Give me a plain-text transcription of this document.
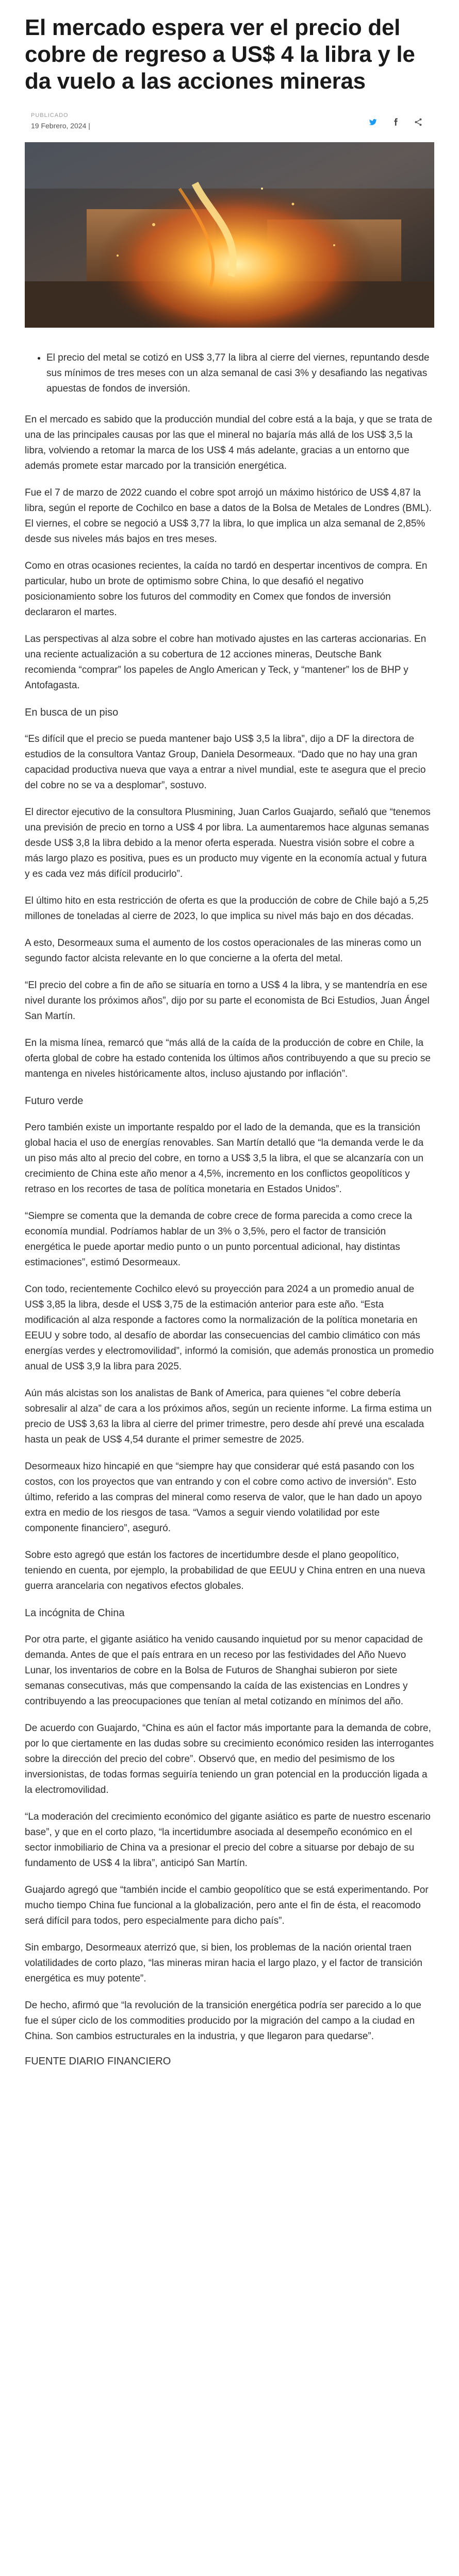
El mercado espera ver el precio del cobre de regreso a US$ 4 la libra y le da vuelo a las acciones mineras
PUBLICADO
19 Febrero, 2024 |
• El precio del metal se cotizó en US$ 3,77 la libra al cierre del viernes, repuntando desde sus mínimos de tres meses con un alza semanal de casi 3% y desafiando las negativas apuestas de fondos de inversión.

En el mercado es sabido que la producción mundial del cobre está a la baja, y que se trata de una de las principales causas por las que el mineral no bajaría más allá de los US$ 3,5 la libra, volviendo a retomar la marca de los US$ 4 más adelante, gracias a un entorno que además promete estar marcado por la transición energética.

Fue el 7 de marzo de 2022 cuando el cobre spot arrojó un máximo histórico de US$ 4,87 la libra, según el reporte de Cochilco en base a datos de la Bolsa de Metales de Londres (BML). El viernes, el cobre se negoció a US$ 3,77 la libra, lo que implica un alza semanal de 2,85% desde sus niveles más bajos en tres meses.

Como en otras ocasiones recientes, la caída no tardó en despertar incentivos de compra. En particular, hubo un brote de optimismo sobre China, lo que desafió el negativo posicionamiento sobre los futuros del commodity en Comex que fondos de inversión declararon el martes.

Las perspectivas al alza sobre el cobre han motivado ajustes en las carteras accionarias. En una reciente actualización a su cobertura de 12 acciones mineras, Deutsche Bank recomienda “comprar” los papeles de Anglo American y Teck, y “mantener” los de BHP y Antofagasta.

En busca de un piso

“Es difícil que el precio se pueda mantener bajo US$ 3,5 la libra”, dijo a DF la directora de estudios de la consultora Vantaz Group, Daniela Desormeaux. “Dado que no hay una gran capacidad productiva nueva que vaya a entrar a nivel mundial, este te asegura que el precio del cobre no se va a desplomar”, sostuvo.

El director ejecutivo de la consultora Plusmining, Juan Carlos Guajardo, señaló que “tenemos una previsión de precio en torno a US$ 4 por libra. La aumentaremos hace algunas semanas desde US$ 3,8 la libra debido a la menor oferta esperada. Nuestra visión sobre el cobre a más largo plazo es positiva, pues es un producto muy vigente en la economía actual y futura y es cada vez más difícil producirlo”.

El último hito en esta restricción de oferta es que la producción de cobre de Chile bajó a 5,25 millones de toneladas al cierre de 2023, lo que implica su nivel más bajo en dos décadas.

A esto, Desormeaux suma el aumento de los costos operacionales de las mineras como un segundo factor alcista relevante en lo que concierne a la oferta del metal.

“El precio del cobre a fin de año se situaría en torno a US$ 4 la libra, y se mantendría en ese nivel durante los próximos años”, dijo por su parte el economista de Bci Estudios, Juan Ángel San Martín.

En la misma línea, remarcó que “más allá de la caída de la producción de cobre en Chile, la oferta global de cobre ha estado contenida los últimos años contribuyendo a que su precio se mantenga en niveles históricamente altos, incluso ajustando por inflación”.

Futuro verde

Pero también existe un importante respaldo por el lado de la demanda, que es la transición global hacia el uso de energías renovables. San Martín detalló que “la demanda verde le da un piso más alto al precio del cobre, en torno a US$ 3,5 la libra, el que se alcanzaría con un crecimiento de China este año menor a 4,5%, incremento en los conflictos geopolíticos y retraso en los recortes de tasa de política monetaria en Estados Unidos”.

“Siempre se comenta que la demanda de cobre crece de forma parecida a como crece la economía mundial. Podríamos hablar de un 3% o 3,5%, pero el factor de transición energética le puede aportar medio punto o un punto porcentual adicional, hay distintas estimaciones”, estimó Desormeaux.

Con todo, recientemente Cochilco elevó su proyección para 2024 a un promedio anual de US$ 3,85 la libra, desde el US$ 3,75 de la estimación anterior para este año. “Esta modificación al alza responde a factores como la normalización de la política monetaria en EEUU y sobre todo, al desafío de abordar las consecuencias del cambio climático con más energías verdes y electromovilidad”, informó la comisión, que además pronostica un promedio anual de US$ 3,9 la libra para 2025.

Aún más alcistas son los analistas de Bank of America, para quienes “el cobre debería sobresalir al alza” de cara a los próximos años, según un reciente informe. La firma estima un precio de US$ 3,63 la libra al cierre del primer trimestre, pero desde ahí prevé una escalada hasta un peak de US$ 4,54 durante el primer semestre de 2025.

Desormeaux hizo hincapié en que “siempre hay que considerar qué está pasando con los costos, con los proyectos que van entrando y con el cobre como activo de inversión”. Esto último, referido a las compras del mineral como reserva de valor, que le han dado un apoyo extra en medio de los riesgos de tasa. “Vamos a seguir viendo volatilidad por este componente financiero”, aseguró.

Sobre esto agregó que están los factores de incertidumbre desde el plano geopolítico, teniendo en cuenta, por ejemplo, la probabilidad de que EEUU y China entren en una nueva guerra arancelaria con negativos efectos globales.

La incógnita de China

Por otra parte, el gigante asiático ha venido causando inquietud por su menor capacidad de demanda. Antes de que el país entrara en un receso por las festividades del Año Nuevo Lunar, los inventarios de cobre en la Bolsa de Futuros de Shanghai subieron por siete semanas consecutivas, más que compensando la caída de las existencias en Londres y contribuyendo a las preocupaciones que tenían al metal cotizando en mínimos del año.

De acuerdo con Guajardo, “China es aún el factor más importante para la demanda de cobre, por lo que ciertamente en las dudas sobre su crecimiento económico residen las interrogantes sobre la dirección del precio del cobre”. Observó que, en medio del pesimismo de los inversionistas, de todas formas seguiría teniendo un gran potencial en la producción ligada a la electromovilidad.

“La moderación del crecimiento económico del gigante asiático es parte de nuestro escenario base”, y que en el corto plazo, “la incertidumbre asociada al desempeño económico en el sector inmobiliario de China va a presionar el precio del cobre a situarse por debajo de su fundamento de US$ 4 la libra”, anticipó San Martín.

Guajardo agregó que “también incide el cambio geopolítico que se está experimentando. Por mucho tiempo China fue funcional a la globalización, pero ante el fin de ésta, el reacomodo será difícil para todos, pero especialmente para dicho país”.

Sin embargo, Desormeaux aterrizó que, si bien, los problemas de la nación oriental traen volatilidades de corto plazo, “las mineras miran hacia el largo plazo, y el factor de transición energética es muy potente”.

De hecho, afirmó que “la revolución de la transición energética podría ser parecido a lo que fue el súper ciclo de los commodities producido por la migración del campo a la ciudad en China. Son cambios estructurales en la industria, y que llegaron para quedarse”.

FUENTE DIARIO FINANCIERO
